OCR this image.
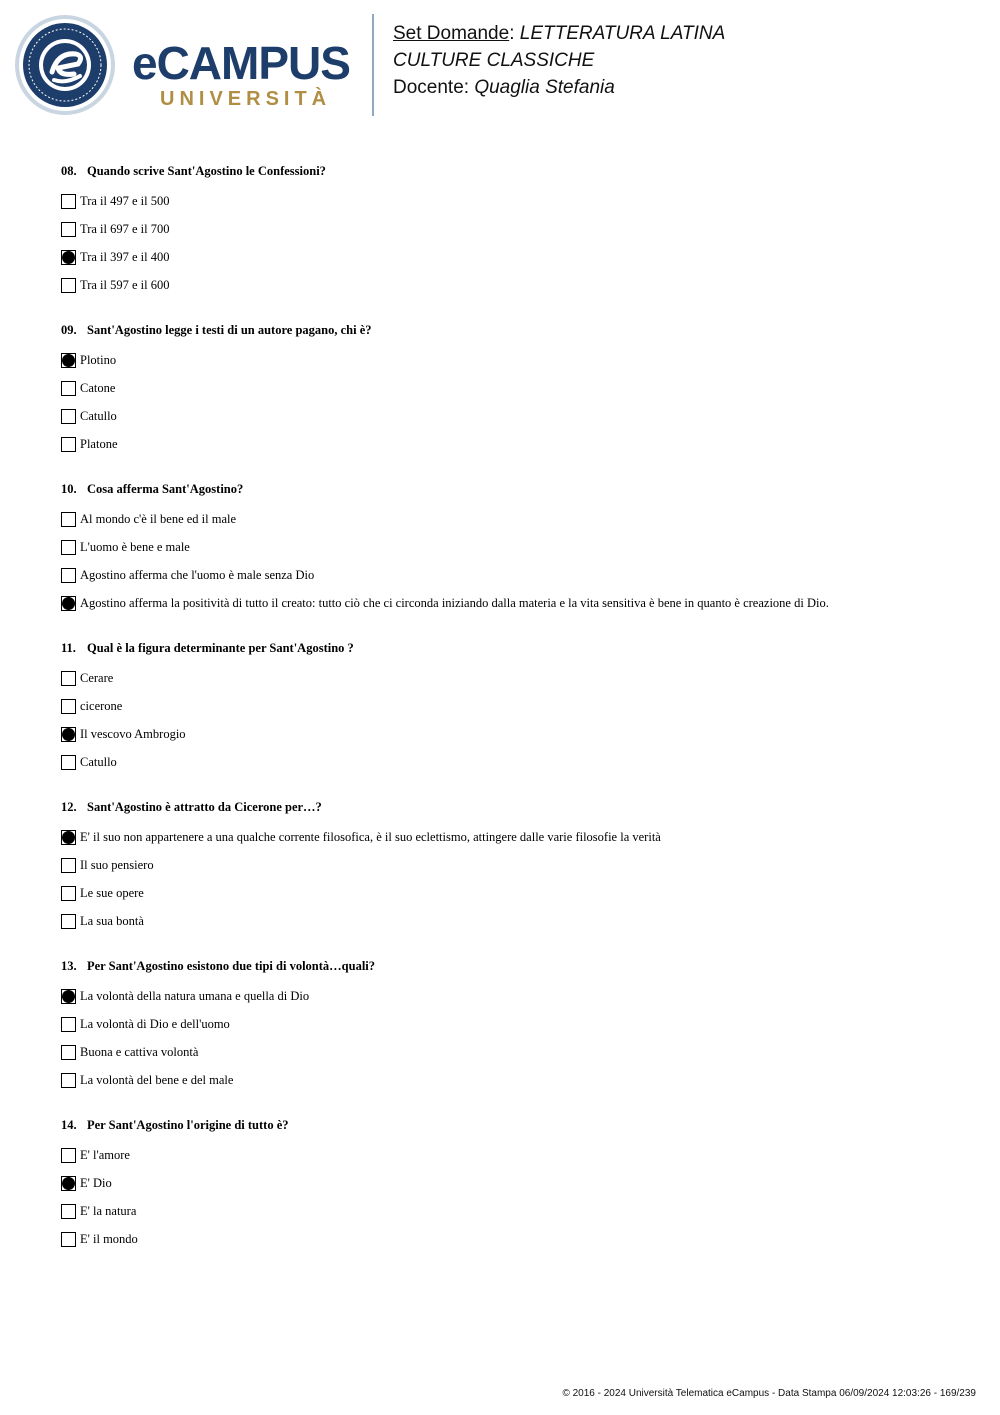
eCAMPUS
UNIVERSITÀ
Set Domande: LETTERATURA LATINA
CULTURE CLASSICHE
Docente: Quaglia Stefania
08. Quando scrive Sant'Agostino le Confessioni?
Tra il 497 e il 500
Tra il 697 e il 700
Tra il 397 e il 400
Tra il 597 e il 600
09. Sant'Agostino legge i testi di un autore pagano, chi è?
Plotino
Catone
Catullo
Platone
10. Cosa afferma Sant'Agostino?
Al mondo c'è il bene ed il male
L'uomo è bene e male
Agostino afferma che l'uomo è male senza Dio
Agostino afferma la positività di tutto il creato: tutto ciò che ci circonda iniziando dalla materia e la vita sensitiva è bene in quanto è creazione di Dio.
11. Qual è la figura determinante per Sant'Agostino ?
Cerare
cicerone
Il vescovo Ambrogio
Catullo
12. Sant'Agostino è attratto da Cicerone per…?
E' il suo non appartenere a una qualche corrente filosofica, è il suo eclettismo, attingere dalle varie filosofie la verità
Il suo pensiero
Le sue opere
La sua bontà
13. Per Sant'Agostino esistono due tipi di volontà…quali?
La volontà della natura umana e quella di Dio
La volontà di Dio e dell'uomo
Buona e cattiva volontà
La volontà del bene e del male
14. Per Sant'Agostino l'origine di tutto è?
E' l'amore
E' Dio
E' la natura
E' il mondo
© 2016 - 2024 Università Telematica eCampus - Data Stampa 06/09/2024 12:03:26 - 169/239
